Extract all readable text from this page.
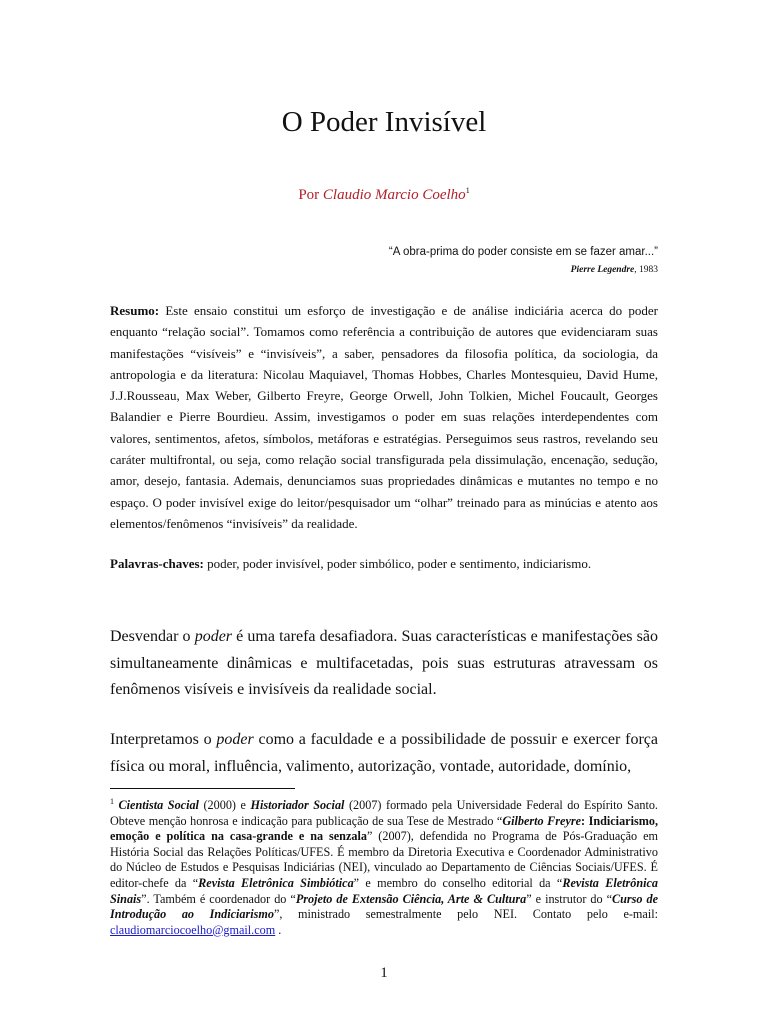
O Poder Invisível
Por Claudio Marcio Coelho$^1$
“A obra-prima do poder consiste em se fazer amar...”
Pierre Legendre, 1983

Resumo: Este ensaio constitui um esforço de investigação e de análise indiciária acerca do poder enquanto “relação social”. Tomamos como referência a contribuição de autores que evidenciaram suas manifestações “visíveis” e “invisíveis”, a saber, pensadores da filosofia política, da sociologia, da antropologia e da literatura: Nicolau Maquiavel, Thomas Hobbes, Charles Montesquieu, David Hume, J.J.Rousseau, Max Weber, Gilberto Freyre, George Orwell, John Tolkien, Michel Foucault, Georges Balandier e Pierre Bourdieu. Assim, investigamos o poder em suas relações interdependentes com valores, sentimentos, afetos, símbolos, metáforas e estratégias. Perseguimos seus rastros, revelando seu caráter multifrontal, ou seja, como relação social transfigurada pela dissimulação, encenação, sedução, amor, desejo, fantasia. Ademais, denunciamos suas propriedades dinâmicas e mutantes no tempo e no espaço. O poder invisível exige do leitor/pesquisador um “olhar” treinado para as minúcias e atento aos elementos/fenômenos “invisíveis” da realidade.

Palavras-chaves: poder, poder invisível, poder simbólico, poder e sentimento, indiciarismo.

Desvendar o poder é uma tarefa desafiadora. Suas características e manifestações são simultaneamente dinâmicas e multifacetadas, pois suas estruturas atravessam os fenômenos visíveis e invisíveis da realidade social.

Interpretamos o poder como a faculdade e a possibilidade de possuir e exercer força física ou moral, influência, valimento, autorização, vontade, autoridade, domínio,

$^1$ Cientista Social (2000) e Historiador Social (2007) formado pela Universidade Federal do Espírito Santo. Obteve menção honrosa e indicação para publicação de sua Tese de Mestrado “Gilberto Freyre: Indiciarismo, emoção e política na casa-grande e na senzala” (2007), defendida no Programa de Pós-Graduação em História Social das Relações Políticas/UFES. É membro da Diretoria Executiva e Coordenador Administrativo do Núcleo de Estudos e Pesquisas Indiciárias (NEI), vinculado ao Departamento de Ciências Sociais/UFES. É editor-chefe da “Revista Eletrônica Simbiótica” e membro do conselho editorial da “Revista Eletrônica Sinais”. Também é coordenador do “Projeto de Extensão Ciência, Arte & Cultura” e instrutor do “Curso de Introdução ao Indiciarismo”, ministrado semestralmente pelo NEI. Contato pelo e-mail: claudiomarciocoelho@gmail.com .

1
